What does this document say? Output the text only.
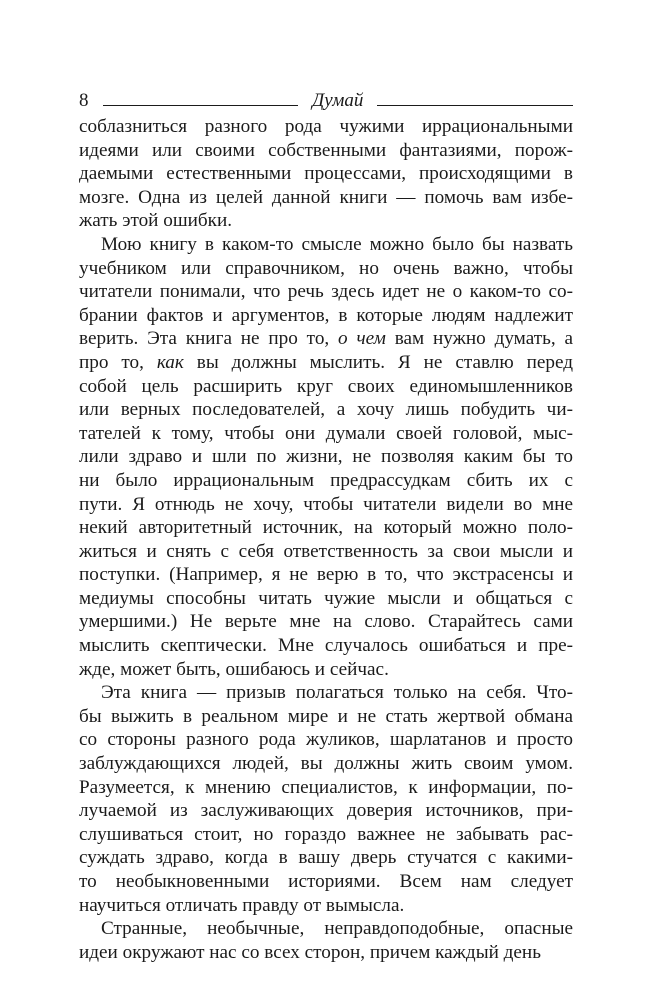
8	Думай
соблазниться разного рода чужими иррациональными
идеями или своими собственными фантазиями, порож-
даемыми естественными процессами, происходящими в
мозге. Одна из целей данной книги — помочь вам избе-
жать этой ошибки.
Мою книгу в каком-то смысле можно было бы назвать
учебником или справочником, но очень важно, чтобы
читатели понимали, что речь здесь идет не о каком-то со-
брании фактов и аргументов, в которые людям надлежит
верить. Эта книга не про то, о чем вам нужно думать, а
про то, как вы должны мыслить. Я не ставлю перед
собой цель расширить круг своих единомышленников
или верных последователей, а хочу лишь побудить чи-
тателей к тому, чтобы они думали своей головой, мыс-
лили здраво и шли по жизни, не позволяя каким бы то
ни было иррациональным предрассудкам сбить их с
пути. Я отнюдь не хочу, чтобы читатели видели во мне
некий авторитетный источник, на который можно поло-
житься и снять с себя ответственность за свои мысли и
поступки. (Например, я не верю в то, что экстрасенсы и
медиумы способны читать чужие мысли и общаться с
умершими.) Не верьте мне на слово. Старайтесь сами
мыслить скептически. Мне случалось ошибаться и пре-
жде, может быть, ошибаюсь и сейчас.
Эта книга — призыв полагаться только на себя. Что-
бы выжить в реальном мире и не стать жертвой обмана
со стороны разного рода жуликов, шарлатанов и просто
заблуждающихся людей, вы должны жить своим умом.
Разумеется, к мнению специалистов, к информации, по-
лучаемой из заслуживающих доверия источников, при-
слушиваться стоит, но гораздо важнее не забывать рас-
суждать здраво, когда в вашу дверь стучатся с какими-
то необыкновенными историями. Всем нам следует
научиться отличать правду от вымысла.
Странные, необычные, неправдоподобные, опасные
идеи окружают нас со всех сторон, причем каждый день
